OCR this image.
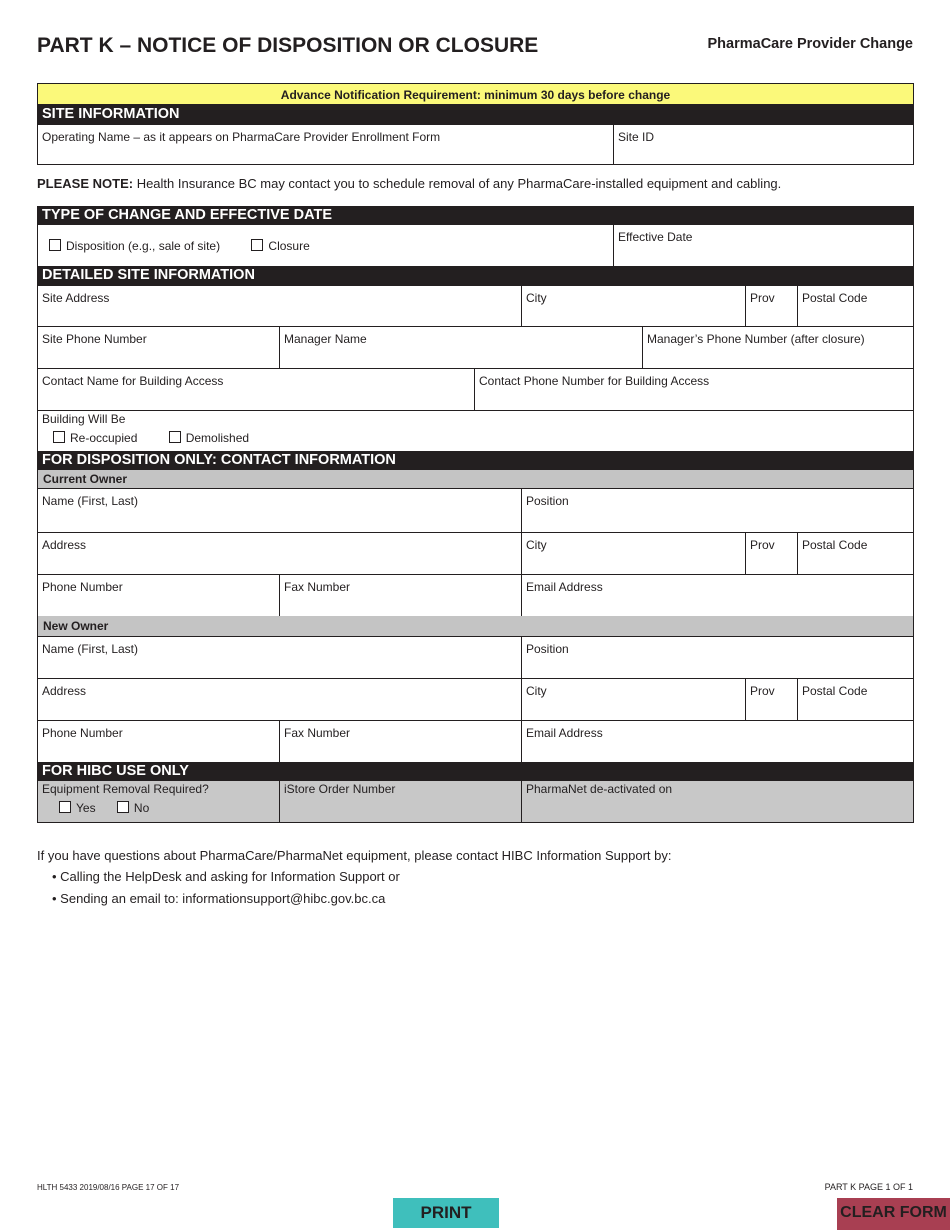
PART K – NOTICE OF DISPOSITION OR CLOSURE	PharmaCare Provider Change
Advance Notification Requirement: minimum 30 days before change
SITE INFORMATION
Operating Name – as it appears on PharmaCare Provider Enrollment Form	Site ID
PLEASE NOTE: Health Insurance BC may contact you to schedule removal of any PharmaCare-installed equipment and cabling.
TYPE OF CHANGE AND EFFECTIVE DATE
Disposition (e.g., sale of site)	Closure
Effective Date
DETAILED SITE INFORMATION
Site Address	City	Prov	Postal Code
Site Phone Number	Manager Name	Manager’s Phone Number (after closure)
Contact Name for Building Access	Contact Phone Number for Building Access
Building Will Be
Re-occupied	Demolished
FOR DISPOSITION ONLY: CONTACT INFORMATION
Current Owner
Name (First, Last)	Position
Address	City	Prov	Postal Code
Phone Number	Fax Number	Email Address
New Owner
Name (First, Last)	Position
Address	City	Prov	Postal Code
Phone Number	Fax Number	Email Address
FOR HIBC USE ONLY
Equipment Removal Required?
Yes	No
iStore Order Number	PharmaNet de-activated on
If you have questions about PharmaCare/PharmaNet equipment, please contact HIBC Information Support by:
• Calling the HelpDesk and asking for Information Support or
• Sending an email to: informationsupport@hibc.gov.bc.ca
HLTH 5433 2019/08/16 PAGE 17 OF 17	PART K PAGE 1 OF 1
PRINT	CLEAR FORM
